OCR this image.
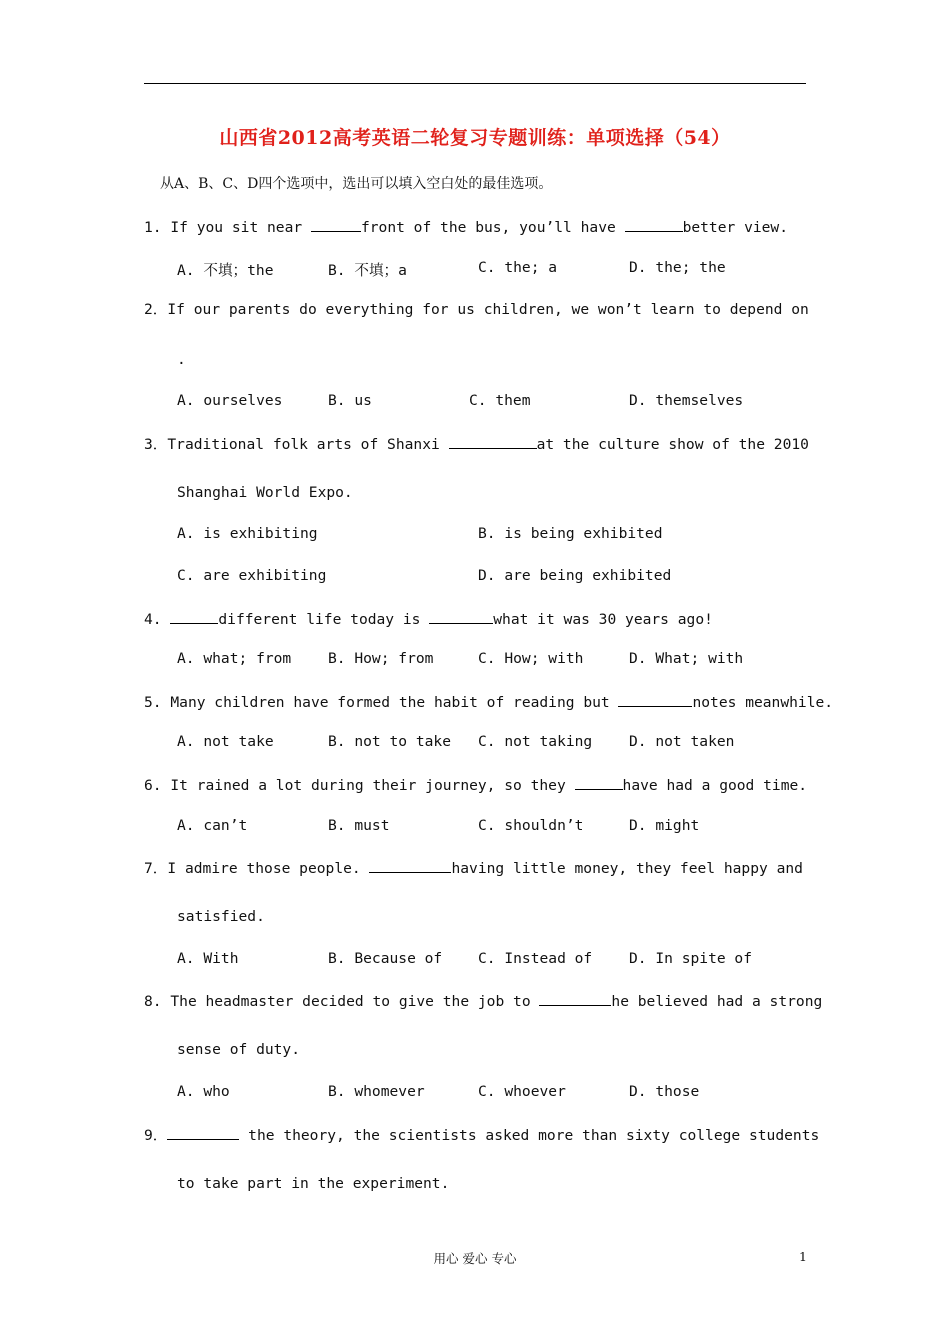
山西省2012高考英语二轮复习专题训练：单项选择（54）
从A、B、C、D四个选项中，选出可以填入空白处的最佳选项。
1. If you sit near	front of the bus, you’ll have	better view.
A. 不填；the	B. 不填；a	C. the; a	D. the; the
2．If our parents do everything for us children, we won’t learn to depend on
.
A. ourselves	B. us	C. them	D. themselves
3．Traditional folk arts of Shanxi	at the culture show of the 2010
Shanghai World Expo.
A. is exhibiting	B. is being exhibited
C. are exhibiting	D. are being exhibited
4.	different life today is	what it was 30 years ago!
A. what; from	B. How; from	C. How; with	D. What; with
5. Many children have formed the habit of reading but	notes meanwhile.
A. not take	B. not to take C. not taking	D. not taken
6. It rained a lot during their journey, so they	have had a good time.
A. can’t	B. must	C. shouldn’t	D. might
7．I admire those people.	having little money, they feel happy and
satisfied.
A. With	B. Because of C. Instead of	D. In spite of
8. The headmaster decided to give the job to	he believed had a strong
sense of duty.
A. who	B. whomever	C. whoever	D. those
9．	the theory, the scientists asked more than sixty college students
to take part in the experiment.
用心 爱心 专心	1
